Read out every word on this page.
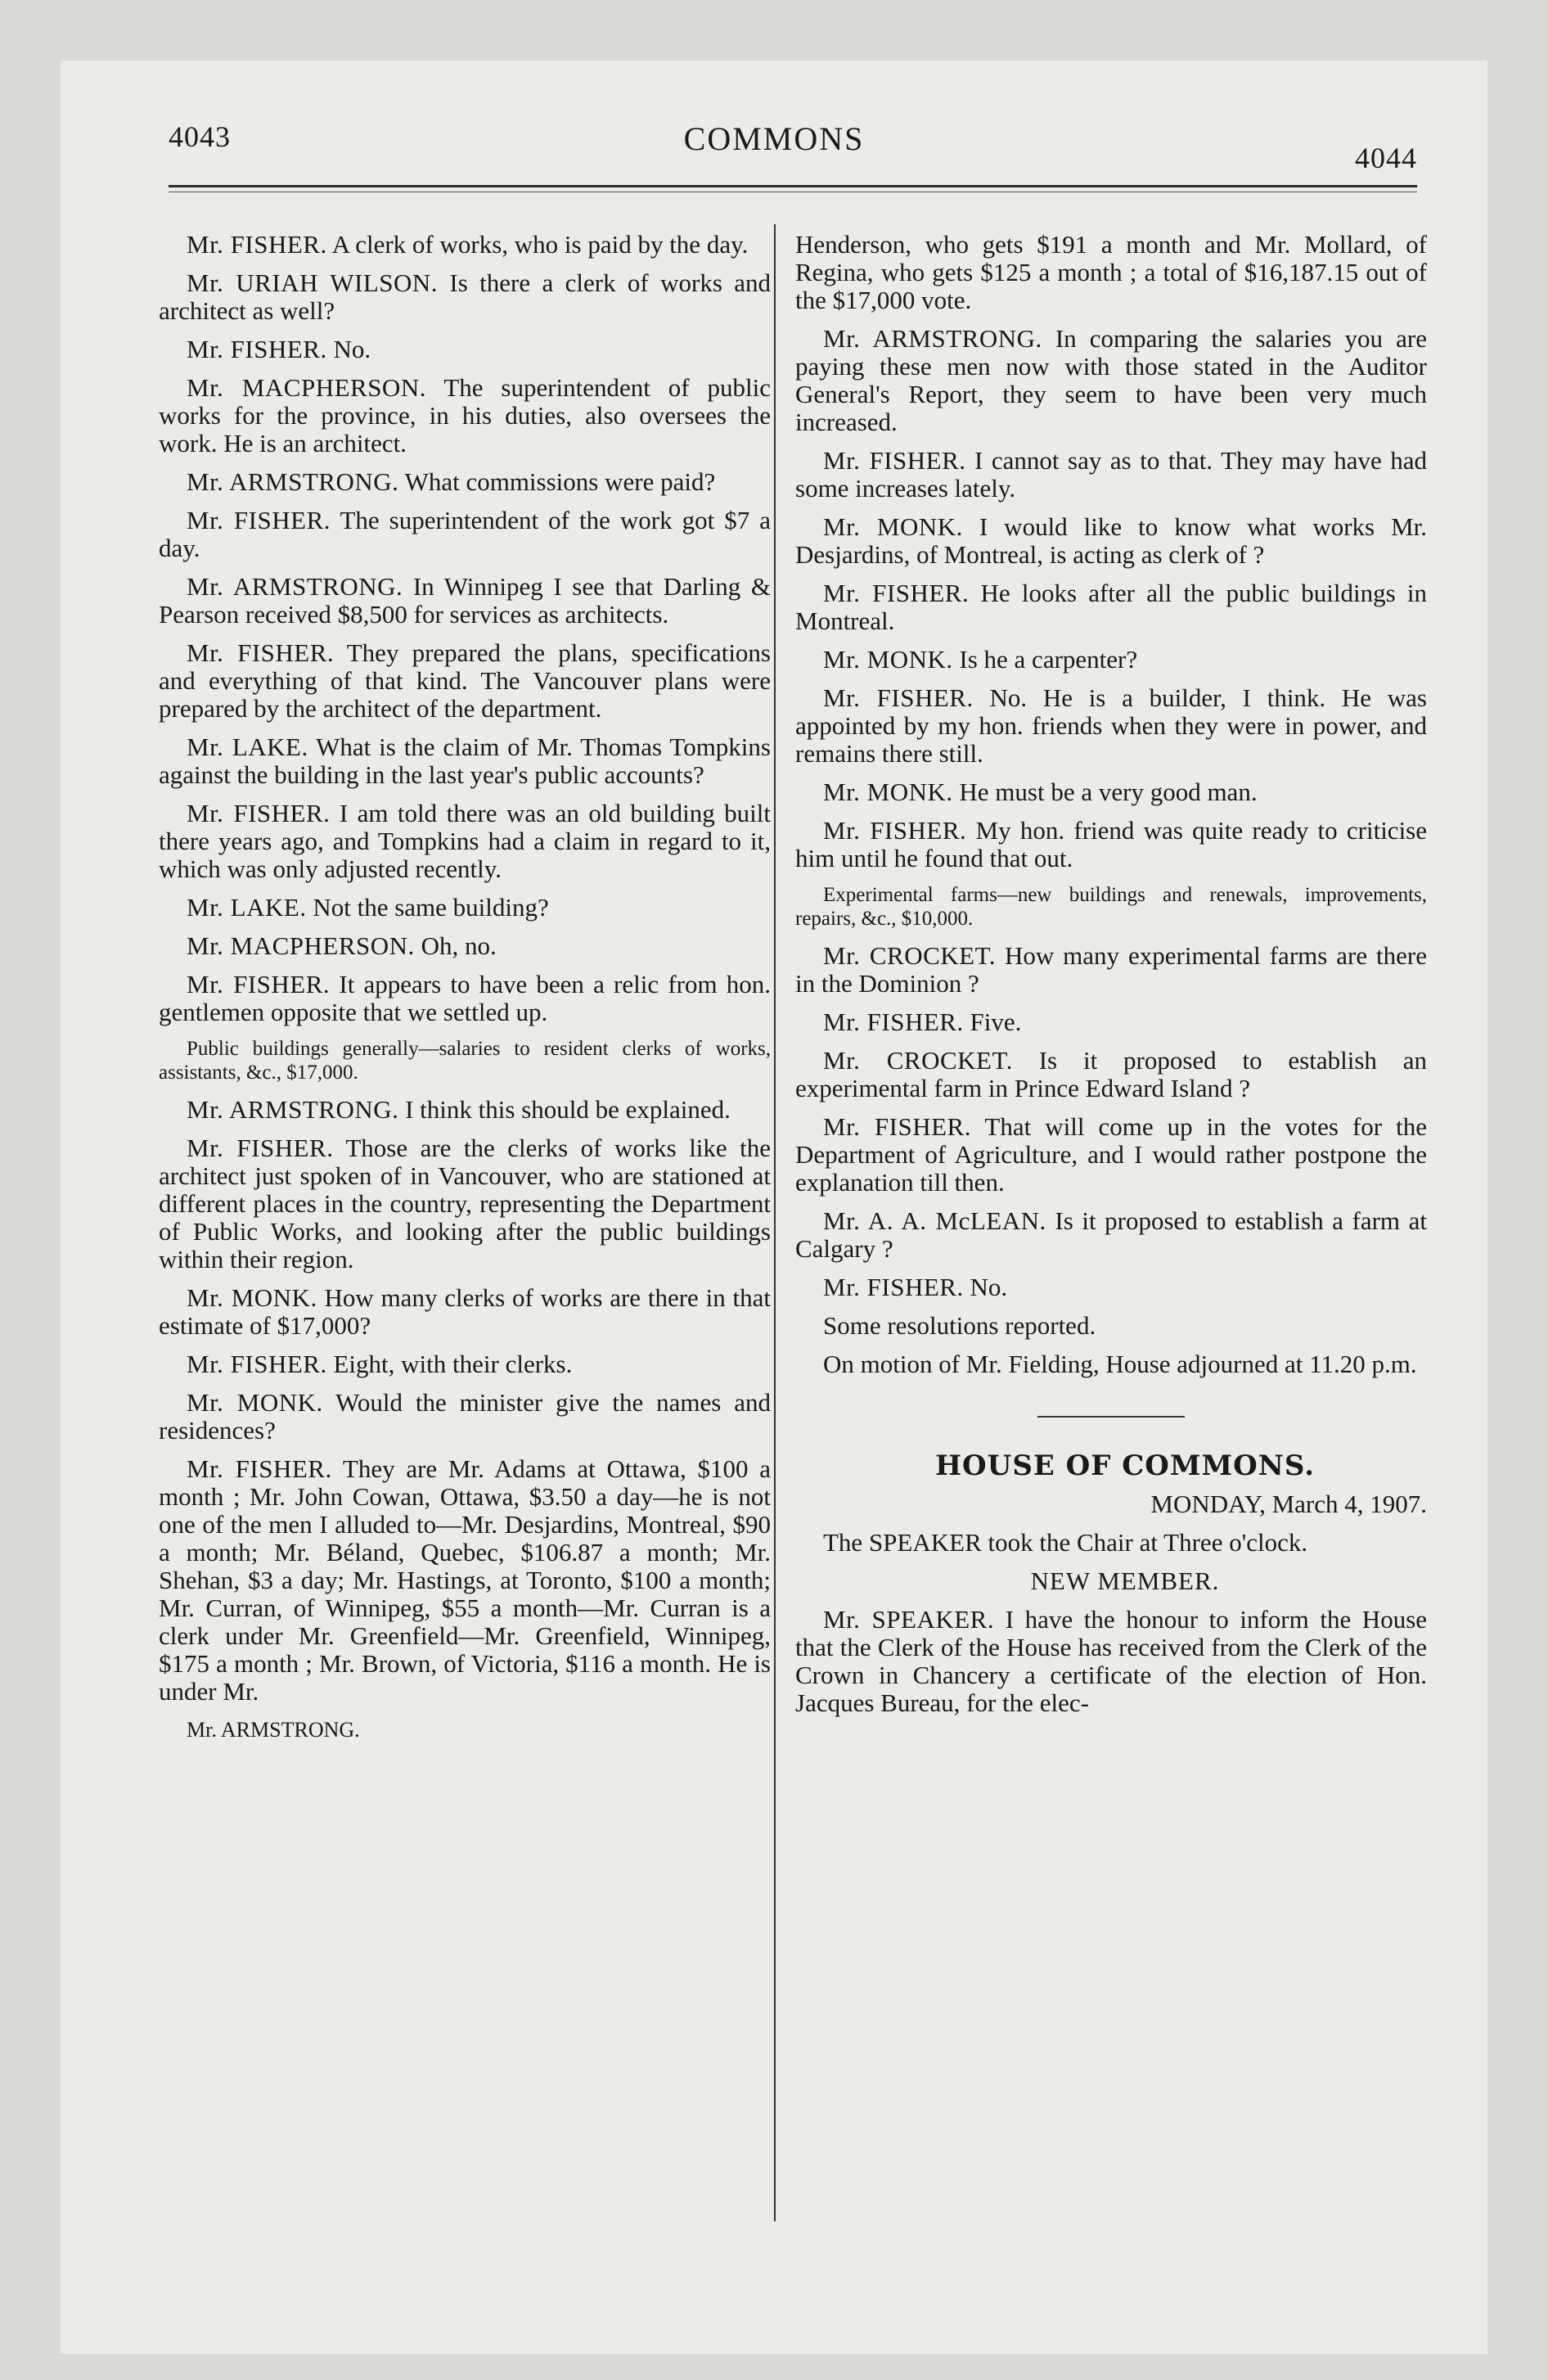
4043	COMMONS
4044

Mr. FISHER. A clerk of works, who is paid by the day.

Mr. URIAH WILSON. Is there a clerk of works and architect as well?

Mr. FISHER. No.

Mr. MACPHERSON. The superintendent of public works for the province, in his duties, also oversees the work. He is an architect.

Mr. ARMSTRONG. What commissions were paid?

Mr. FISHER. The superintendent of the work got $7 a day.

Mr. ARMSTRONG. In Winnipeg I see that Darling & Pearson received $8,500 for services as architects.

Mr. FISHER. They prepared the plans, specifications and everything of that kind. The Vancouver plans were prepared by the architect of the department.

Mr. LAKE. What is the claim of Mr. Thomas Tompkins against the building in the last year's public accounts?

Mr. FISHER. I am told there was an old building built there years ago, and Tompkins had a claim in regard to it, which was only adjusted recently.

Mr. LAKE. Not the same building?

Mr. MACPHERSON. Oh, no.

Mr. FISHER. It appears to have been a relic from hon. gentlemen opposite that we settled up.

Public buildings generally—salaries to resident clerks of works, assistants, &c., $17,000.

Mr. ARMSTRONG. I think this should be explained.

Mr. FISHER. Those are the clerks of works like the architect just spoken of in Vancouver, who are stationed at different places in the country, representing the Department of Public Works, and looking after the public buildings within their region.

Mr. MONK. How many clerks of works are there in that estimate of $17,000?

Mr. FISHER. Eight, with their clerks.

Mr. MONK. Would the minister give the names and residences?

Mr. FISHER. They are Mr. Adams at Ottawa, $100 a month ; Mr. John Cowan, Ottawa, $3.50 a day—he is not one of the men I alluded to—Mr. Desjardins, Montreal, $90 a month; Mr. Béland, Quebec, $106.87 a month; Mr. Shehan, $3 a day; Mr. Hastings, at Toronto, $100 a month; Mr. Curran, of Winnipeg, $55 a month—Mr. Curran is a clerk under Mr. Greenfield—Mr. Greenfield, Winnipeg, $175 a month ; Mr. Brown, of Victoria, $116 a month. He is under Mr.

Mr. ARMSTRONG.

Henderson, who gets $191 a month and Mr. Mollard, of Regina, who gets $125 a month ; a total of $16,187.15 out of the $17,000 vote.

Mr. ARMSTRONG. In comparing the salaries you are paying these men now with those stated in the Auditor General's Report, they seem to have been very much increased.

Mr. FISHER. I cannot say as to that. They may have had some increases lately.

Mr. MONK. I would like to know what works Mr. Desjardins, of Montreal, is acting as clerk of ?

Mr. FISHER. He looks after all the public buildings in Montreal.

Mr. MONK. Is he a carpenter?

Mr. FISHER. No. He is a builder, I think. He was appointed by my hon. friends when they were in power, and remains there still.

Mr. MONK. He must be a very good man.

Mr. FISHER. My hon. friend was quite ready to criticise him until he found that out.

Experimental farms—new buildings and renewals, improvements, repairs, &c., $10,000.

Mr. CROCKET. How many experimental farms are there in the Dominion ?

Mr. FISHER. Five.

Mr. CROCKET. Is it proposed to establish an experimental farm in Prince Edward Island ?

Mr. FISHER. That will come up in the votes for the Department of Agriculture, and I would rather postpone the explanation till then.

Mr. A. A. McLEAN. Is it proposed to establish a farm at Calgary ?

Mr. FISHER. No.

Some resolutions reported.

On motion of Mr. Fielding, House adjourned at 11.20 p.m.

HOUSE OF COMMONS.

MONDAY, March 4, 1907.

The SPEAKER took the Chair at Three o'clock.

NEW MEMBER.

Mr. SPEAKER. I have the honour to inform the House that the Clerk of the House has received from the Clerk of the Crown in Chancery a certificate of the election of Hon. Jacques Bureau, for the elec-
